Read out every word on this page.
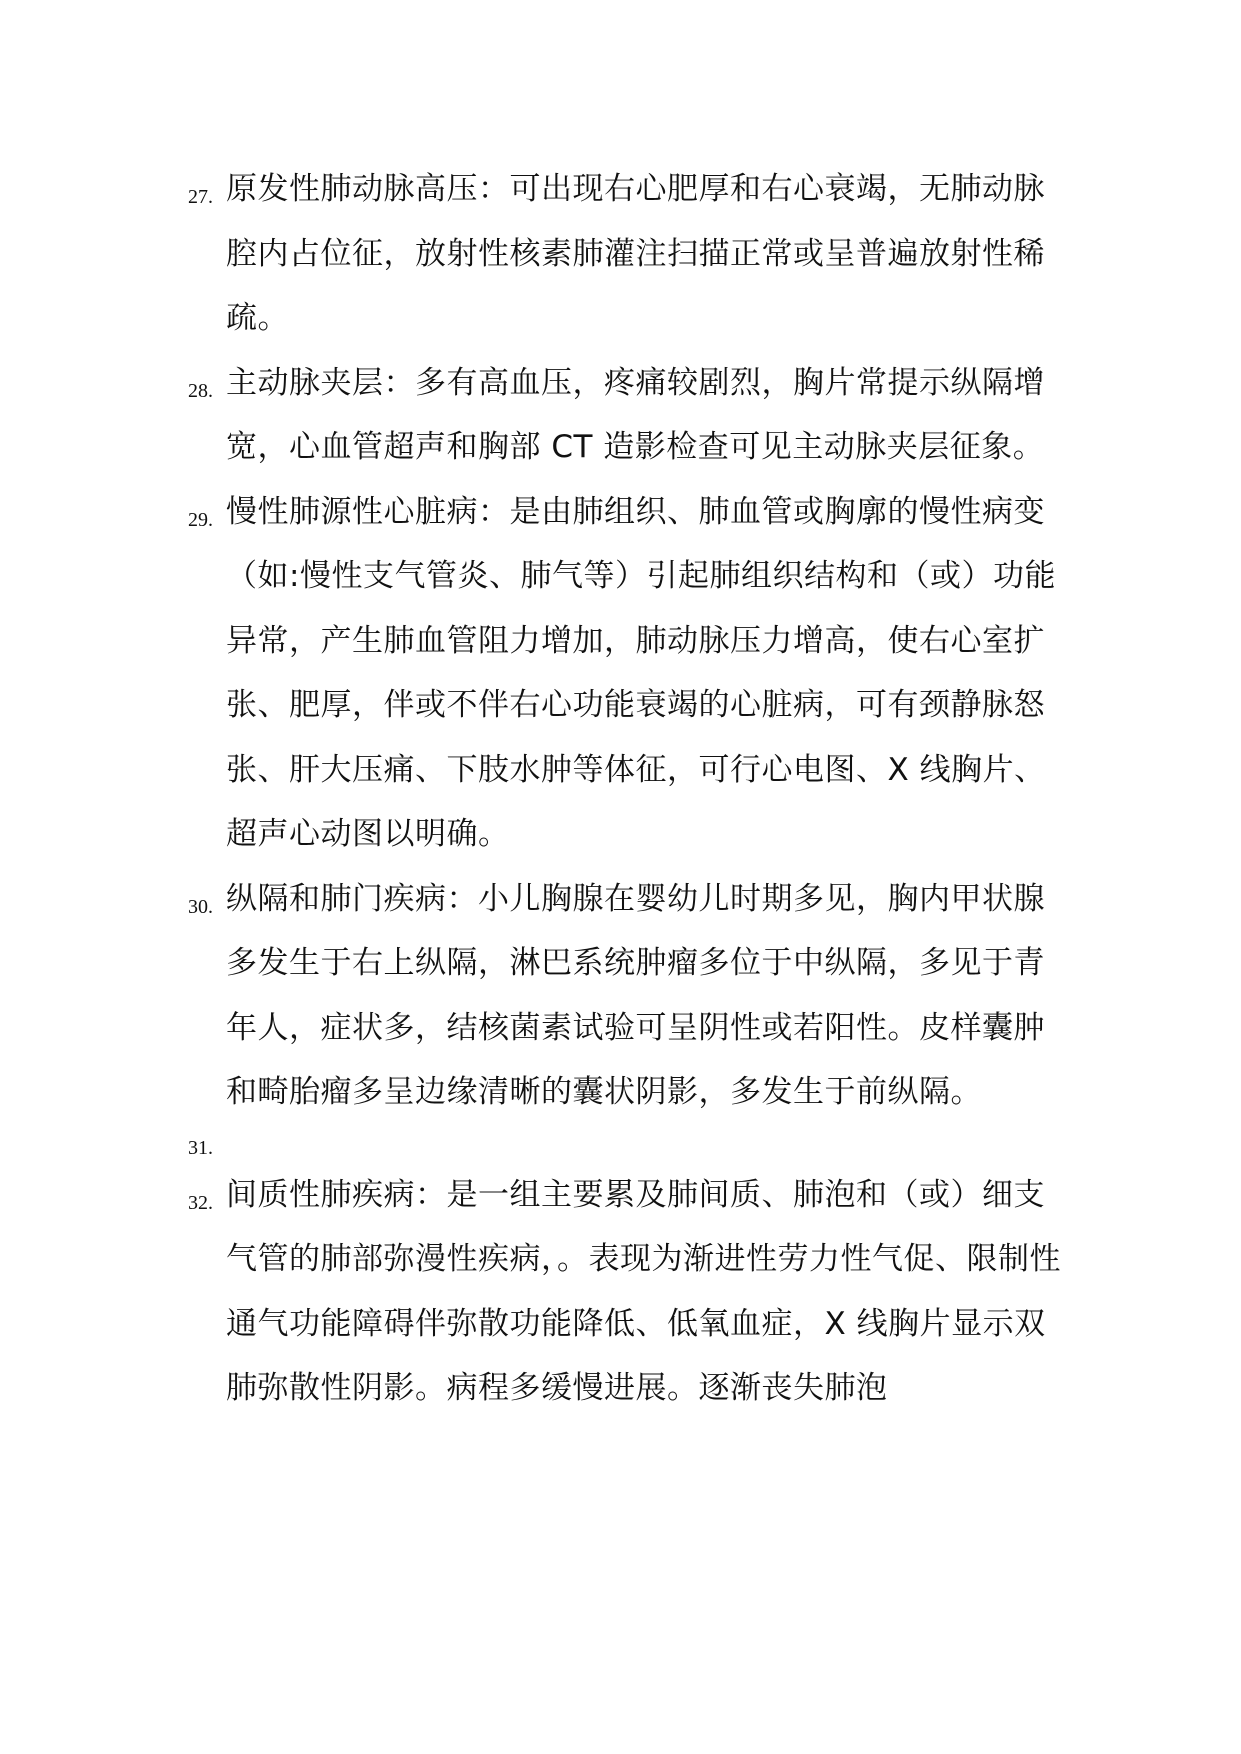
27. 原发性肺动脉高压：可出现右心肥厚和右心衰竭，无肺动脉腔内占位征，放射性核素肺灌注扫描正常或呈普遍放射性稀疏。
28. 主动脉夹层：多有高血压，疼痛较剧烈，胸片常提示纵隔增宽，心血管超声和胸部 CT 造影检查可见主动脉夹层征象。
29. 慢性肺源性心脏病：是由肺组织、肺血管或胸廓的慢性病变（如:慢性支气管炎、肺气等）引起肺组织结构和（或）功能异常，产生肺血管阻力增加，肺动脉压力增高，使右心室扩张、肥厚，伴或不伴右心功能衰竭的心脏病，可有颈静脉怒张、肝大压痛、下肢水肿等体征，可行心电图、X 线胸片、超声心动图以明确。
30. 纵隔和肺门疾病：小儿胸腺在婴幼儿时期多见，胸内甲状腺多发生于右上纵隔，淋巴系统肿瘤多位于中纵隔，多见于青年人，症状多，结核菌素试验可呈阴性或若阳性。皮样囊肿和畸胎瘤多呈边缘清晰的囊状阴影，多发生于前纵隔。
31.
32. 间质性肺疾病：是一组主要累及肺间质、肺泡和（或）细支气管的肺部弥漫性疾病，。表现为渐进性劳力性气促、限制性通气功能障碍伴弥散功能降低、低氧血症，X 线胸片显示双肺弥散性阴影。病程多缓慢进展。逐渐丧失肺泡
